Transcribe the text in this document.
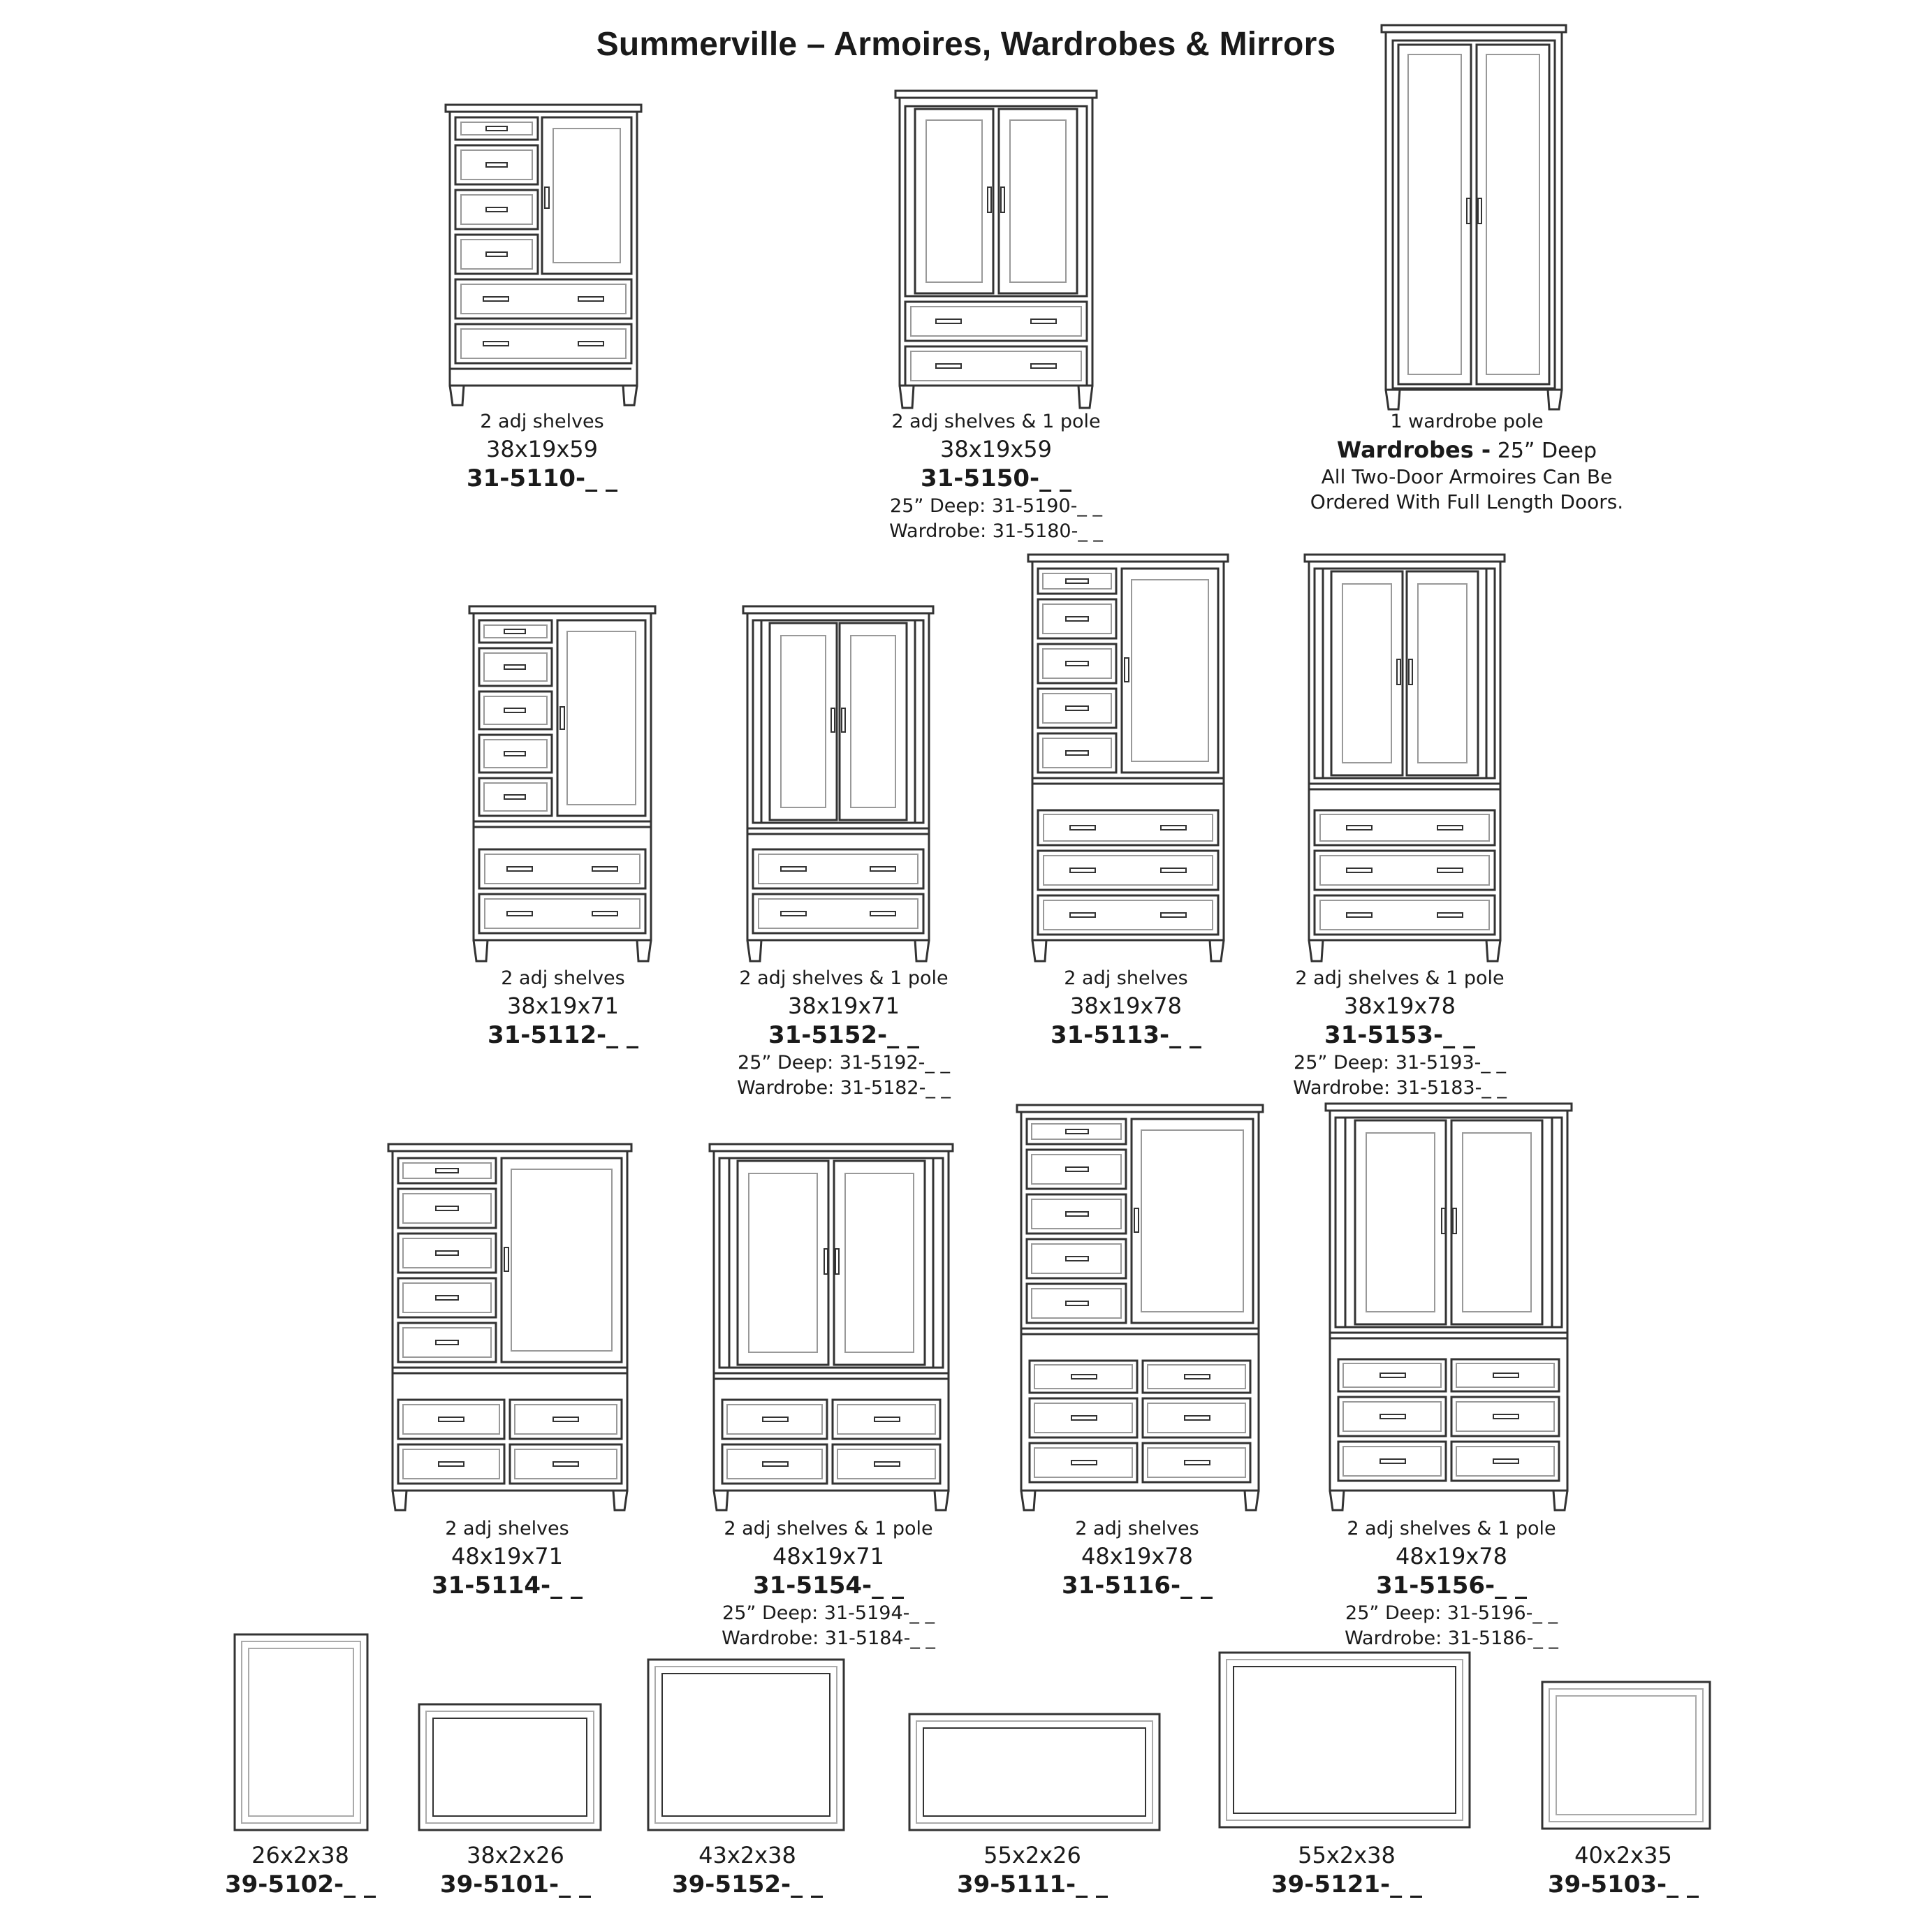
Summerville – Armoires, Wardrobes & Mirrors
2 adj shelves
38x19x59
31-5110-_ _
2 adj shelves & 1 pole
38x19x59
31-5150-_ _
25” Deep: 31-5190-_ _
Wardrobe: 31-5180-_ _
1 wardrobe pole
Wardrobes - 25” Deep
All Two-Door Armoires Can Be
Ordered With Full Length Doors.
2 adj shelves
38x19x71
31-5112-_ _
2 adj shelves & 1 pole
38x19x71
31-5152-_ _
25” Deep: 31-5192-_ _
Wardrobe: 31-5182-_ _
2 adj shelves
38x19x78
31-5113-_ _
2 adj shelves & 1 pole
38x19x78
31-5153-_ _
25” Deep: 31-5193-_ _
Wardrobe: 31-5183-_ _
2 adj shelves
48x19x71
31-5114-_ _
2 adj shelves & 1 pole
48x19x71
31-5154-_ _
25” Deep: 31-5194-_ _
Wardrobe: 31-5184-_ _
2 adj shelves
48x19x78
31-5116-_ _
2 adj shelves & 1 pole
48x19x78
31-5156-_ _
25” Deep: 31-5196-_ _
Wardrobe: 31-5186-_ _
26x2x38
39-5102-_ _
38x2x26
39-5101-_ _
43x2x38
39-5152-_ _
55x2x26
39-5111-_ _
55x2x38
39-5121-_ _
40x2x35
39-5103-_ _
